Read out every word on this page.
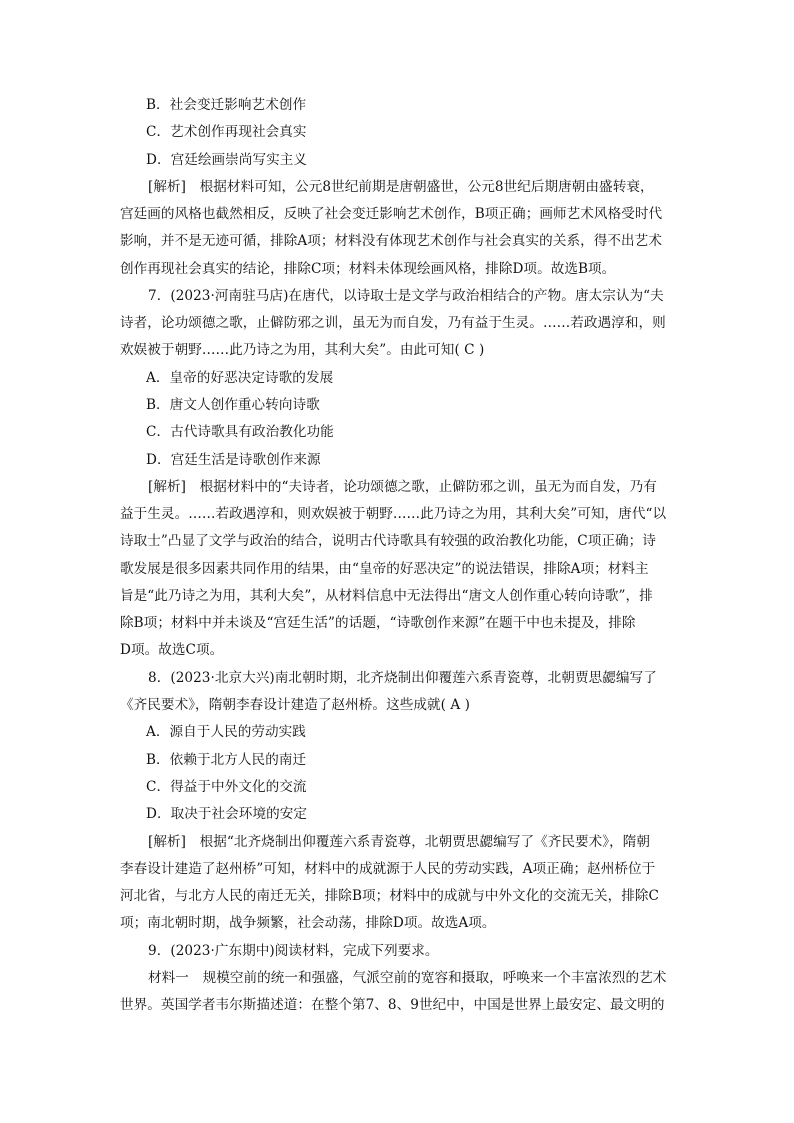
B．社会变迁影响艺术创作
C．艺术创作再现社会真实
D．宫廷绘画崇尚写实主义
[解析]　根据材料可知，公元8世纪前期是唐朝盛世，公元8世纪后期唐朝由盛转衰，
宫廷画的风格也截然相反，反映了社会变迁影响艺术创作，B项正确；画师艺术风格受时代
影响，并不是无迹可循，排除A项；材料没有体现艺术创作与社会真实的关系，得不出艺术
创作再现社会真实的结论，排除C项；材料未体现绘画风格，排除D项。故选B项。
7．(2023·河南驻马店)在唐代，以诗取士是文学与政治相结合的产物。唐太宗认为“夫
诗者，论功颂德之歌，止僻防邪之训，虽无为而自发，乃有益于生灵。……若政遇淳和，则
欢娱被于朝野……此乃诗之为用，其利大矣”。由此可知( C )
A．皇帝的好恶决定诗歌的发展
B．唐文人创作重心转向诗歌
C．古代诗歌具有政治教化功能
D．宫廷生活是诗歌创作来源
[解析]　根据材料中的“夫诗者，论功颂德之歌，止僻防邪之训，虽无为而自发，乃有
益于生灵。……若政遇淳和，则欢娱被于朝野……此乃诗之为用，其利大矣”可知，唐代“以
诗取士”凸显了文学与政治的结合，说明古代诗歌具有较强的政治教化功能，C项正确；诗
歌发展是很多因素共同作用的结果，由“皇帝的好恶决定”的说法错误，排除A项；材料主
旨是“此乃诗之为用，其利大矣”，从材料信息中无法得出“唐文人创作重心转向诗歌”，排
除B项；材料中并未谈及“宫廷生活”的话题，“诗歌创作来源”在题干中也未提及，排除
D项。故选C项。
8．(2023·北京大兴)南北朝时期，北齐烧制出仰覆莲六系青瓷尊，北朝贾思勰编写了
《齐民要术》，隋朝李春设计建造了赵州桥。这些成就( A )
A．源自于人民的劳动实践
B．依赖于北方人民的南迁
C．得益于中外文化的交流
D．取决于社会环境的安定
[解析]　根据“北齐烧制出仰覆莲六系青瓷尊，北朝贾思勰编写了《齐民要术》，隋朝
李春设计建造了赵州桥”可知，材料中的成就源于人民的劳动实践，A项正确；赵州桥位于
河北省，与北方人民的南迁无关，排除B项；材料中的成就与中外文化的交流无关，排除C
项；南北朝时期，战争频繁，社会动荡，排除D项。故选A项。
9．(2023·广东期中)阅读材料，完成下列要求。
材料一　规模空前的统一和强盛，气派空前的宽容和摄取，呼唤来一个丰富浓烈的艺术
世界。英国学者韦尔斯描述道：在整个第7、8、9世纪中，中国是世界上最安定、最文明的
